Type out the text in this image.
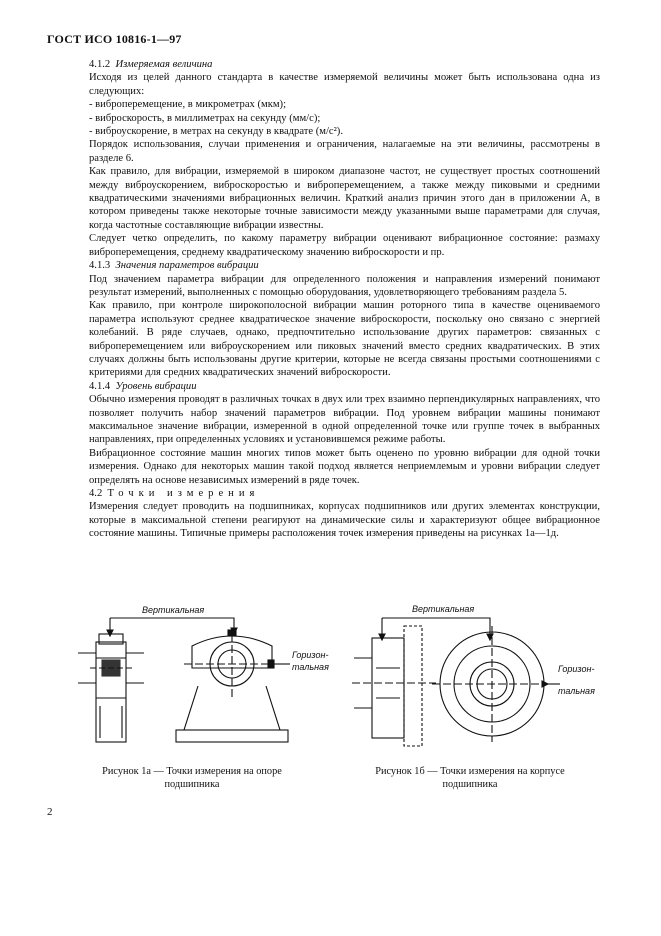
ГОСТ ИСО 10816-1—97

4.1.2 Измеряемая величина

Исходя из целей данного стандарта в качестве измеряемой величины может быть использована одна из следующих:

- виброперемещение, в микрометрах (мкм);

- виброскорость, в миллиметрах на секунду (мм/с);

- виброускорение, в метрах на секунду в квадрате (м/с²).

Порядок использования, случаи применения и ограничения, налагаемые на эти величины, рассмотрены в разделе 6.

Как правило, для вибрации, измеряемой в широком диапазоне частот, не существует простых соотношений между виброускорением, виброскоростью и виброперемещением, а также между пиковыми и средними квадратическими значениями вибрационных величин. Краткий анализ причин этого дан в приложении А, в котором приведены также некоторые точные зависимости между указанными выше параметрами для случая, когда частотные составляющие вибрации известны.

Следует четко определить, по какому параметру вибрации оценивают вибрационное состояние: размаху виброперемещения, среднему квадратическому значению виброскорости и пр.

4.1.3 Значения параметров вибрации

Под значением параметра вибрации для определенного положения и направления измерений понимают результат измерений, выполненных с помощью оборудования, удовлетворяющего требованиям раздела 5.

Как правило, при контроле широкополосной вибрации машин роторного типа в качестве оцениваемого параметра используют среднее квадратическое значение виброскорости, поскольку оно связано с энергией колебаний. В ряде случаев, однако, предпочтительно использование других параметров: связанных с виброперемещением или виброускорением или пиковых значений вместо средних квадратических. В этих случаях должны быть использованы другие критерии, которые не всегда связаны простыми соотношениями с критериями для средних квадратических значений виброскорости.

4.1.4 Уровень вибрации

Обычно измерения проводят в различных точках в двух или трех взаимно перпендикулярных направлениях, что позволяет получить набор значений параметров вибрации. Под уровнем вибрации машины понимают максимальное значение вибрации, измеренной в одной определенной точке или группе точек в выбранных направлениях, при определенных условиях и установившемся режиме работы.

Вибрационное состояние машин многих типов может быть оценено по уровню вибрации для одной точки измерения. Однако для некоторых машин такой подход является неприемлемым и уровни вибрации следует определять на основе независимых измерений в ряде точек.

4.2 Точки измерения

Измерения следует проводить на подшипниках, корпусах подшипников или других элементах конструкции, которые в максимальной степени реагируют на динамические силы и характеризуют общее вибрационное состояние машины. Типичные примеры расположения точек измерения приведены на рисунках 1а—1д.

Вертикальная
Горизон-
тальная
Рисунок 1а — Точки измерения на опоре
подшипника
Вертикальная
Горизон-
тальная
Рисунок 1б — Точки измерения на корпусе
подшипника
2
